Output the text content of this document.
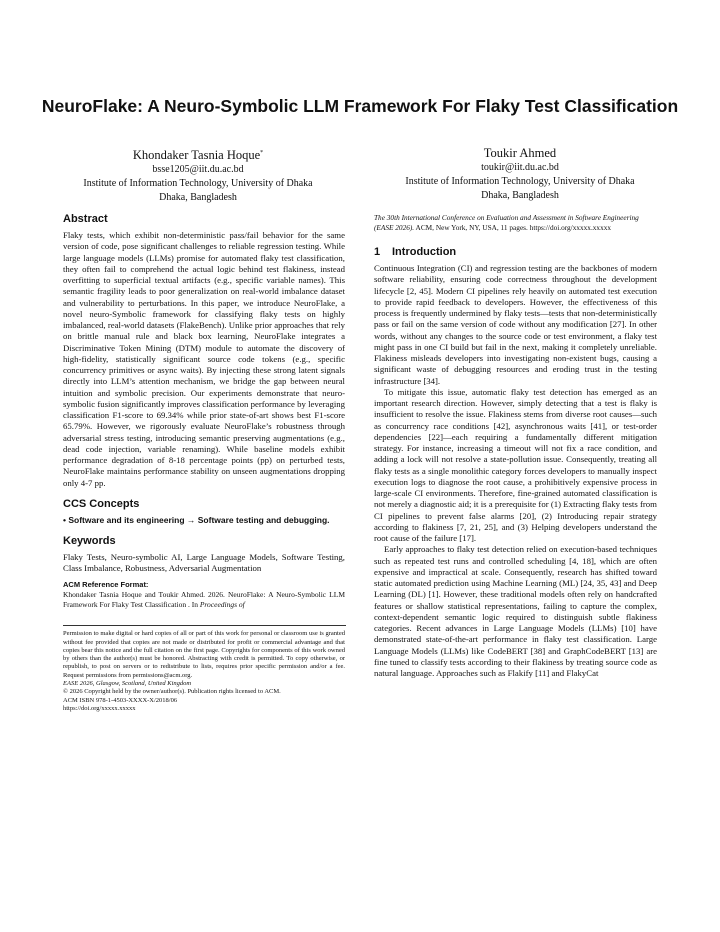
NeuroFlake: A Neuro-Symbolic LLM Framework For Flaky Test Classification
Khondaker Tasnia Hoque*
bsse1205@iit.du.ac.bd
Institute of Information Technology, University of Dhaka
Dhaka, Bangladesh
Toukir Ahmed
toukir@iit.du.ac.bd
Institute of Information Technology, University of Dhaka
Dhaka, Bangladesh
Abstract

Flaky tests, which exhibit non-deterministic pass/fail behavior for the same version of code, pose significant challenges to reliable regression testing. While large language models (LLMs) promise for automated flaky test classification, they often fail to comprehend the actual logic behind test flakiness, instead overfitting to superficial textual artifacts (e.g., specific variable names). This semantic fragility leads to poor generalization on real-world imbalance dataset and vulnerability to perturbations. In this paper, we introduce NeuroFlake, a novel neuro-Symbolic framework for classifying flaky tests on highly imbalanced, real-world datasets (FlakeBench). Unlike prior approaches that rely on brittle manual rule and black box learning, NeuroFlake integrates a Discriminative Token Mining (DTM) module to automate the discovery of high-fidelity, statistically significant source code tokens (e.g., specific concurrency primitives or async waits). By injecting these strong latent signals directly into LLM’s attention mechanism, we bridge the gap between neural intuition and symbolic precision. Our experiments demonstrate that neuro-symbolic fusion significantly improves classification performance by leveraging classification F1-score to 69.34% while prior state-of-art shows best F1-score 65.79%. However, we rigorously evaluate NeuroFlake’s robustness through adversarial stress testing, introducing semantic preserving augmentations (e.g., dead code injection, variable renaming). While baseline models exhibit performance degradation of 8-18 percentage points (pp) on perturbed tests, NeuroFlake maintains performance stability on unseen augmentations dropping only 4-7 pp.

CCS Concepts

• Software and its engineering → Software testing and debugging.

Keywords

Flaky Tests, Neuro-symbolic AI, Large Language Models, Software Testing, Class Imbalance, Robustness, Adversarial Augmentation

ACM Reference Format:

Khondaker Tasnia Hoque and Toukir Ahmed. 2026. NeuroFlake: A Neuro-Symbolic LLM Framework For Flaky Test Classification . In Proceedings of

Permission to make digital or hard copies of all or part of this work for personal or classroom use is granted without fee provided that copies are not made or distributed for profit or commercial advantage and that copies bear this notice and the full citation on the first page. Copyrights for components of this work owned by others than the author(s) must be honored. Abstracting with credit is permitted. To copy otherwise, or republish, to post on servers or to redistribute to lists, requires prior specific permission and/or a fee. Request permissions from permissions@acm.org.

EASE 2026, Glasgow, Scotland, United Kingdom

© 2026 Copyright held by the owner/author(s). Publication rights licensed to ACM.

ACM ISBN 978-1-4503-XXXX-X/2018/06

https://doi.org/xxxxx.xxxxx

The 30th International Conference on Evaluation and Assessment in Software Engineering (EASE 2026). ACM, New York, NY, USA, 11 pages. https://doi.org/xxxxx.xxxxx

1 Introduction

Continuous Integration (CI) and regression testing are the backbones of modern software reliability, ensuring code correctness throughout the development lifecycle [2, 45]. Modern CI pipelines rely heavily on automated test execution to provide rapid feedback to developers. However, the effectiveness of this process is frequently undermined by flaky tests—tests that non-deterministically pass or fail on the same version of code without any modification [27]. In other words, without any changes to the source code or test environment, a flaky test might pass in one CI build but fail in the next, making it completely unreliable. Flakiness misleads developers into investigating non-existent bugs, causing a significant waste of debugging resources and eroding trust in the testing infrastructure [34].

To mitigate this issue, automatic flaky test detection has emerged as an important research direction. However, simply detecting that a test is flaky is insufficient to resolve the issue. Flakiness stems from diverse root causes—such as concurrency race conditions [42], asynchronous waits [41], or test-order dependencies [22]—each requiring a fundamentally different mitigation strategy. For instance, increasing a timeout will not fix a race condition, and adding a lock will not resolve a state-pollution issue. Consequently, treating all flaky tests as a single monolithic category forces developers to manually inspect execution logs to diagnose the root cause, a prohibitively expensive process in large-scale CI environments. Therefore, fine-grained automated classification is not merely a diagnostic aid; it is a prerequisite for (1) Extracting flaky tests from CI pipelines to prevent false alarms [20], (2) Introducing repair strategy according to flakiness [7, 21, 25], and (3) Helping developers understand the root cause of the failure [17].

Early approaches to flaky test detection relied on execution-based techniques such as repeated test runs and controlled scheduling [4, 18], which are often expensive and impractical at scale. Consequently, research has shifted toward static automated prediction using Machine Learning (ML) [24, 35, 43] and Deep Learning (DL) [1]. However, these traditional models often rely on handcrafted features or shallow statistical representations, failing to capture the complex, context-dependent semantic logic required to distinguish subtle flakiness categories. Recent advances in Large Language Models (LLMs) [10] have demonstrated state-of-the-art performance in flaky test classification. Large Language Models (LLMs) like CodeBERT [38] and GraphCodeBERT [13] are fine tuned to classify tests according to their flakiness by treating source code as natural language. Approaches such as Flakify [11] and FlakyCat
